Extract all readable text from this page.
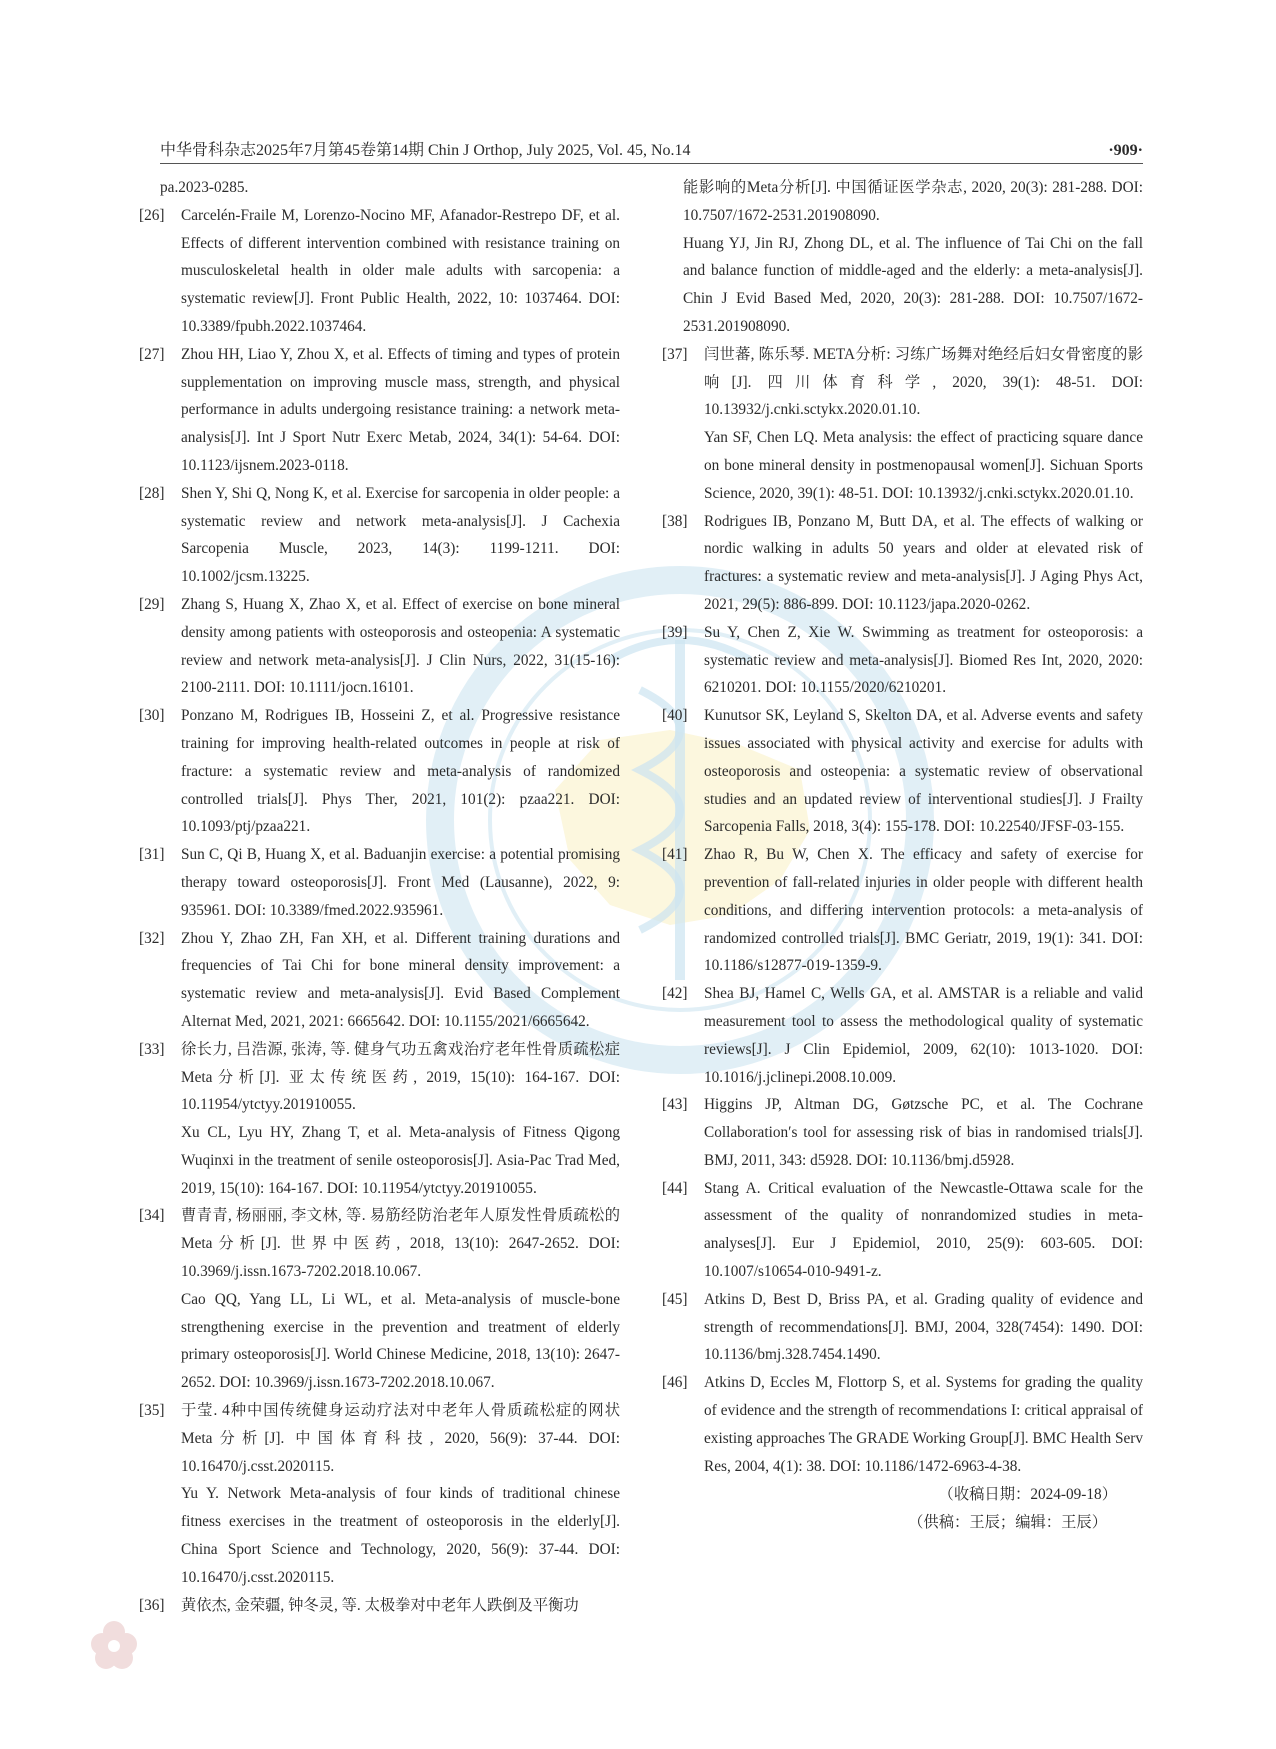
中华骨科杂志2025年7月第45卷第14期 Chin J Orthop, July 2025, Vol. 45, No.14	·909·

pa.2023-0285.

[26] Carcelén-Fraile M, Lorenzo-Nocino MF, Afanador-Restrepo DF, et al. Effects of different intervention combined with resistance training on musculoskeletal health in older male adults with sarcopenia: a systematic review[J]. Front Public Health, 2022, 10: 1037464. DOI: 10.3389/fpubh.2022.1037464.

[27] Zhou HH, Liao Y, Zhou X, et al. Effects of timing and types of protein supplementation on improving muscle mass, strength, and physical performance in adults undergoing resistance training: a network meta-analysis[J]. Int J Sport Nutr Exerc Metab, 2024, 34(1): 54-64. DOI: 10.1123/ijsnem.2023-0118.

[28] Shen Y, Shi Q, Nong K, et al. Exercise for sarcopenia in older people: a systematic review and network meta-analysis[J]. J Cachexia Sarcopenia Muscle, 2023, 14(3): 1199-1211. DOI: 10.1002/jcsm.13225.

[29] Zhang S, Huang X, Zhao X, et al. Effect of exercise on bone mineral density among patients with osteoporosis and osteopenia: A systematic review and network meta-analysis[J]. J Clin Nurs, 2022, 31(15-16): 2100-2111. DOI: 10.1111/jocn.16101.

[30] Ponzano M, Rodrigues IB, Hosseini Z, et al. Progressive resistance training for improving health-related outcomes in people at risk of fracture: a systematic review and meta-analysis of randomized controlled trials[J]. Phys Ther, 2021, 101(2): pzaa221. DOI: 10.1093/ptj/pzaa221.

[31] Sun C, Qi B, Huang X, et al. Baduanjin exercise: a potential promising therapy toward osteoporosis[J]. Front Med (Lausanne), 2022, 9: 935961. DOI: 10.3389/fmed.2022.935961.

[32] Zhou Y, Zhao ZH, Fan XH, et al. Different training durations and frequencies of Tai Chi for bone mineral density improvement: a systematic review and meta-analysis[J]. Evid Based Complement Alternat Med, 2021, 2021: 6665642. DOI: 10.1155/2021/6665642.

[33] 徐长力, 吕浩源, 张涛, 等. 健身气功五禽戏治疗老年性骨质疏松症Meta分析[J]. 亚太传统医药, 2019, 15(10): 164-167. DOI: 10.11954/ytctyy.201910055.

Xu CL, Lyu HY, Zhang T, et al. Meta-analysis of Fitness Qigong Wuqinxi in the treatment of senile osteoporosis[J]. Asia-Pac Trad Med, 2019, 15(10): 164-167. DOI: 10.11954/ytctyy.201910055.

[34] 曹青青, 杨丽丽, 李文林, 等. 易筋经防治老年人原发性骨质疏松的Meta分析[J]. 世界中医药, 2018, 13(10): 2647-2652. DOI: 10.3969/j.issn.1673-7202.2018.10.067.

Cao QQ, Yang LL, Li WL, et al. Meta-analysis of muscle-bone strengthening exercise in the prevention and treatment of elderly primary osteoporosis[J]. World Chinese Medicine, 2018, 13(10): 2647-2652. DOI: 10.3969/j.issn.1673-7202.2018.10.067.

[35] 于莹. 4种中国传统健身运动疗法对中老年人骨质疏松症的网状Meta分析[J]. 中国体育科技, 2020, 56(9): 37-44. DOI: 10.16470/j.csst.2020115.

Yu Y. Network Meta-analysis of four kinds of traditional chinese fitness exercises in the treatment of osteoporosis in the elderly[J]. China Sport Science and Technology, 2020, 56(9): 37-44. DOI: 10.16470/j.csst.2020115.

[36] 黄依杰, 金荣疆, 钟冬灵, 等. 太极拳对中老年人跌倒及平衡功

能影响的Meta分析[J]. 中国循证医学杂志, 2020, 20(3): 281-288. DOI: 10.7507/1672-2531.201908090.

Huang YJ, Jin RJ, Zhong DL, et al. The influence of Tai Chi on the fall and balance function of middle-aged and the elderly: a meta-analysis[J]. Chin J Evid Based Med, 2020, 20(3): 281-288. DOI: 10.7507/1672-2531.201908090.

[37] 闫世蕃, 陈乐琴. META分析: 习练广场舞对绝经后妇女骨密度的影响[J]. 四川体育科学, 2020, 39(1): 48-51. DOI: 10.13932/j.cnki.sctykx.2020.01.10.

Yan SF, Chen LQ. Meta analysis: the effect of practicing square dance on bone mineral density in postmenopausal women[J]. Sichuan Sports Science, 2020, 39(1): 48-51. DOI: 10.13932/j.cnki.sctykx.2020.01.10.

[38] Rodrigues IB, Ponzano M, Butt DA, et al. The effects of walking or nordic walking in adults 50 years and older at elevated risk of fractures: a systematic review and meta-analysis[J]. J Aging Phys Act, 2021, 29(5): 886-899. DOI: 10.1123/japa.2020-0262.

[39] Su Y, Chen Z, Xie W. Swimming as treatment for osteoporosis: a systematic review and meta-analysis[J]. Biomed Res Int, 2020, 2020: 6210201. DOI: 10.1155/2020/6210201.

[40] Kunutsor SK, Leyland S, Skelton DA, et al. Adverse events and safety issues associated with physical activity and exercise for adults with osteoporosis and osteopenia: a systematic review of observational studies and an updated review of interventional studies[J]. J Frailty Sarcopenia Falls, 2018, 3(4): 155-178. DOI: 10.22540/JFSF-03-155.

[41] Zhao R, Bu W, Chen X. The efficacy and safety of exercise for prevention of fall-related injuries in older people with different health conditions, and differing intervention protocols: a meta-analysis of randomized controlled trials[J]. BMC Geriatr, 2019, 19(1): 341. DOI: 10.1186/s12877-019-1359-9.

[42] Shea BJ, Hamel C, Wells GA, et al. AMSTAR is a reliable and valid measurement tool to assess the methodological quality of systematic reviews[J]. J Clin Epidemiol, 2009, 62(10): 1013-1020. DOI: 10.1016/j.jclinepi.2008.10.009.

[43] Higgins JP, Altman DG, Gøtzsche PC, et al. The Cochrane Collaboration′s tool for assessing risk of bias in randomised trials[J]. BMJ, 2011, 343: d5928. DOI: 10.1136/bmj.d5928.

[44] Stang A. Critical evaluation of the Newcastle-Ottawa scale for the assessment of the quality of nonrandomized studies in meta-analyses[J]. Eur J Epidemiol, 2010, 25(9): 603-605. DOI: 10.1007/s10654-010-9491-z.

[45] Atkins D, Best D, Briss PA, et al. Grading quality of evidence and strength of recommendations[J]. BMJ, 2004, 328(7454): 1490. DOI: 10.1136/bmj.328.7454.1490.

[46] Atkins D, Eccles M, Flottorp S, et al. Systems for grading the quality of evidence and the strength of recommendations I: critical appraisal of existing approaches The GRADE Working Group[J]. BMC Health Serv Res, 2004, 4(1): 38. DOI: 10.1186/1472-6963-4-38.

（收稿日期：2024-09-18）

（供稿：王辰；编辑：王辰）
